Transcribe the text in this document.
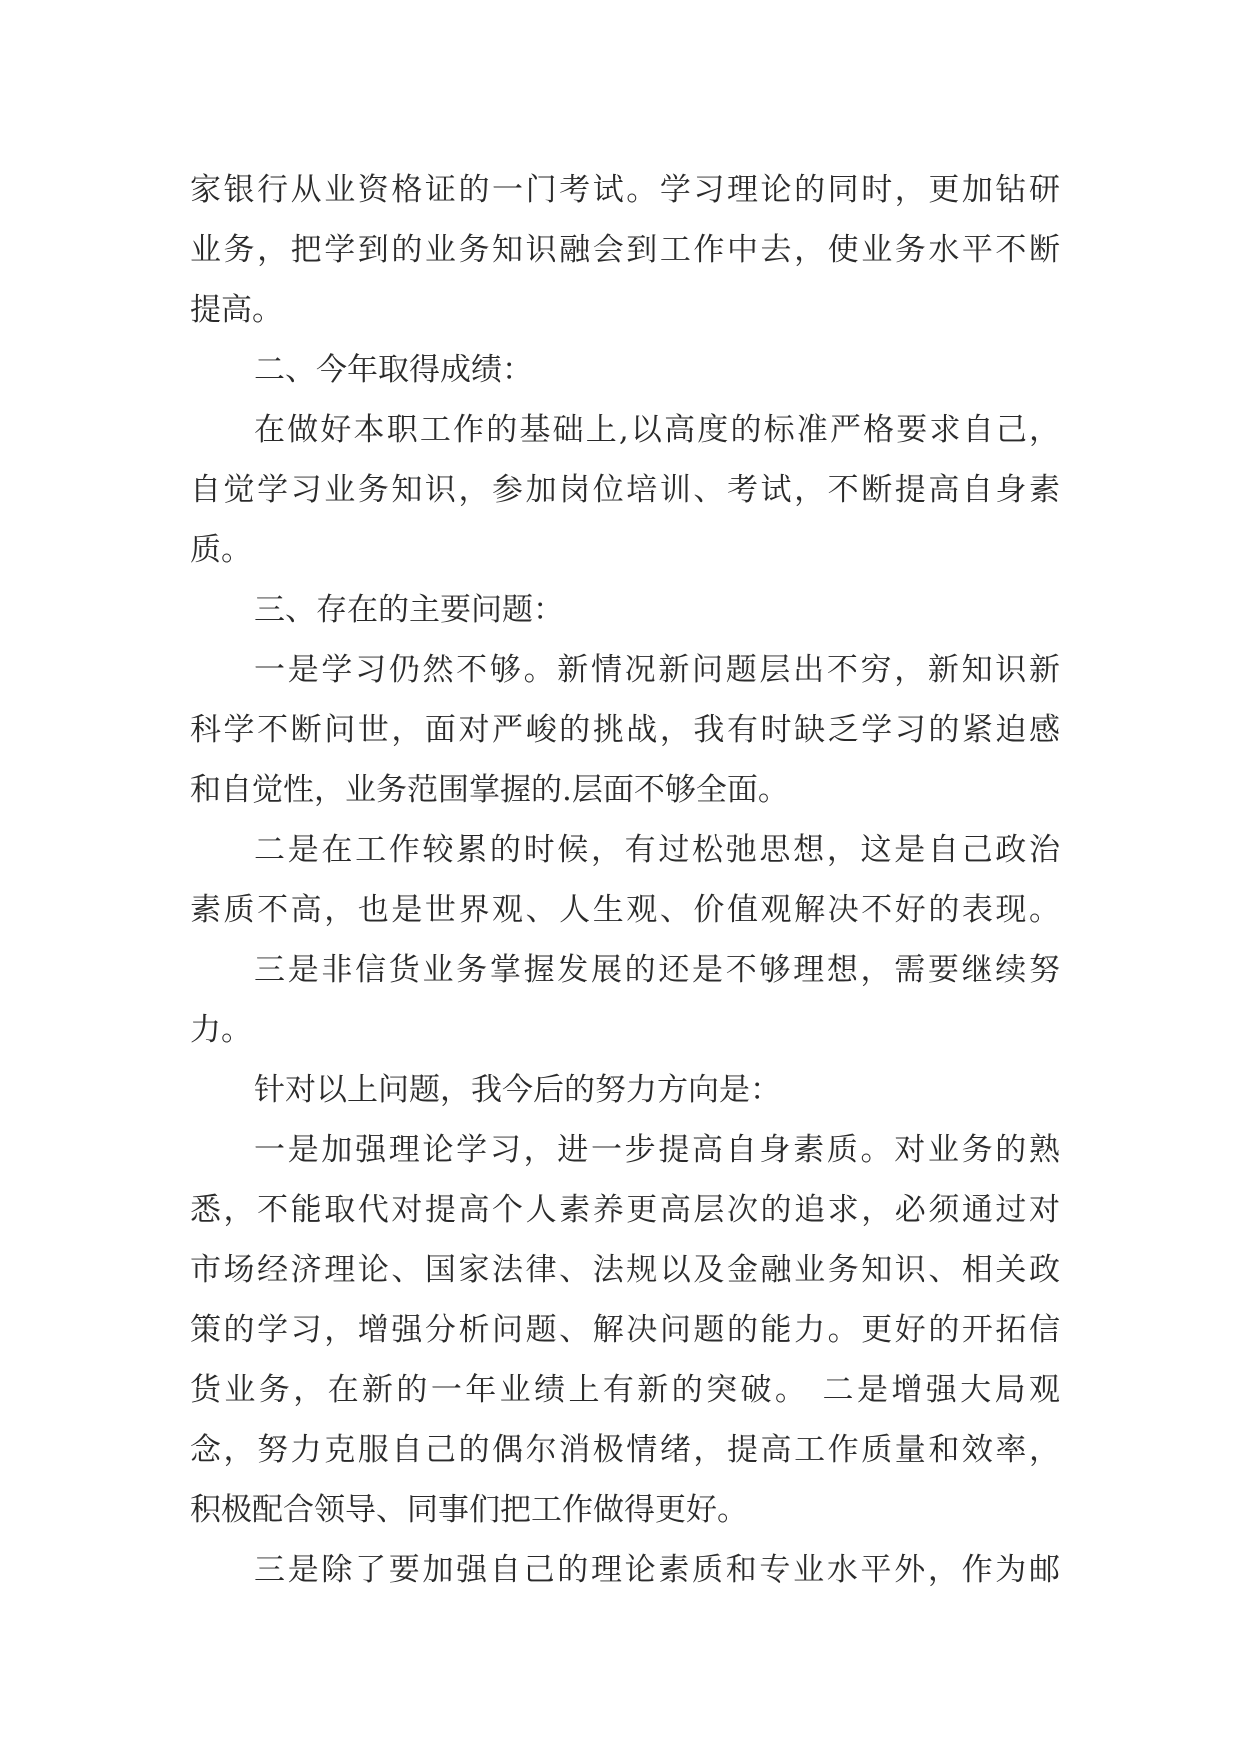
家银行从业资格证的一门考试。学习理论的同时，更加钻研
业务，把学到的业务知识融会到工作中去，使业务水平不断
提高。
二、今年取得成绩：
在做好本职工作的基础上,以高度的标准严格要求自己，
自觉学习业务知识，参加岗位培训、考试，不断提高自身素
质。
三、存在的主要问题：
一是学习仍然不够。新情况新问题层出不穷，新知识新
科学不断问世，面对严峻的挑战，我有时缺乏学习的紧迫感
和自觉性，业务范围掌握的.层面不够全面。
二是在工作较累的时候，有过松弛思想，这是自己政治
素质不高，也是世界观、人生观、价值观解决不好的表现。
三是非信货业务掌握发展的还是不够理想，需要继续努
力。
针对以上问题，我今后的努力方向是：
一是加强理论学习，进一步提高自身素质。对业务的熟
悉，不能取代对提高个人素养更高层次的追求，必须通过对
市场经济理论、国家法律、法规以及金融业务知识、相关政
策的学习，增强分析问题、解决问题的能力。更好的开拓信
货业务，在新的一年业绩上有新的突破。 二是增强大局观
念，努力克服自己的偶尔消极情绪，提高工作质量和效率，
积极配合领导、同事们把工作做得更好。
三是除了要加强自己的理论素质和专业水平外，作为邮
